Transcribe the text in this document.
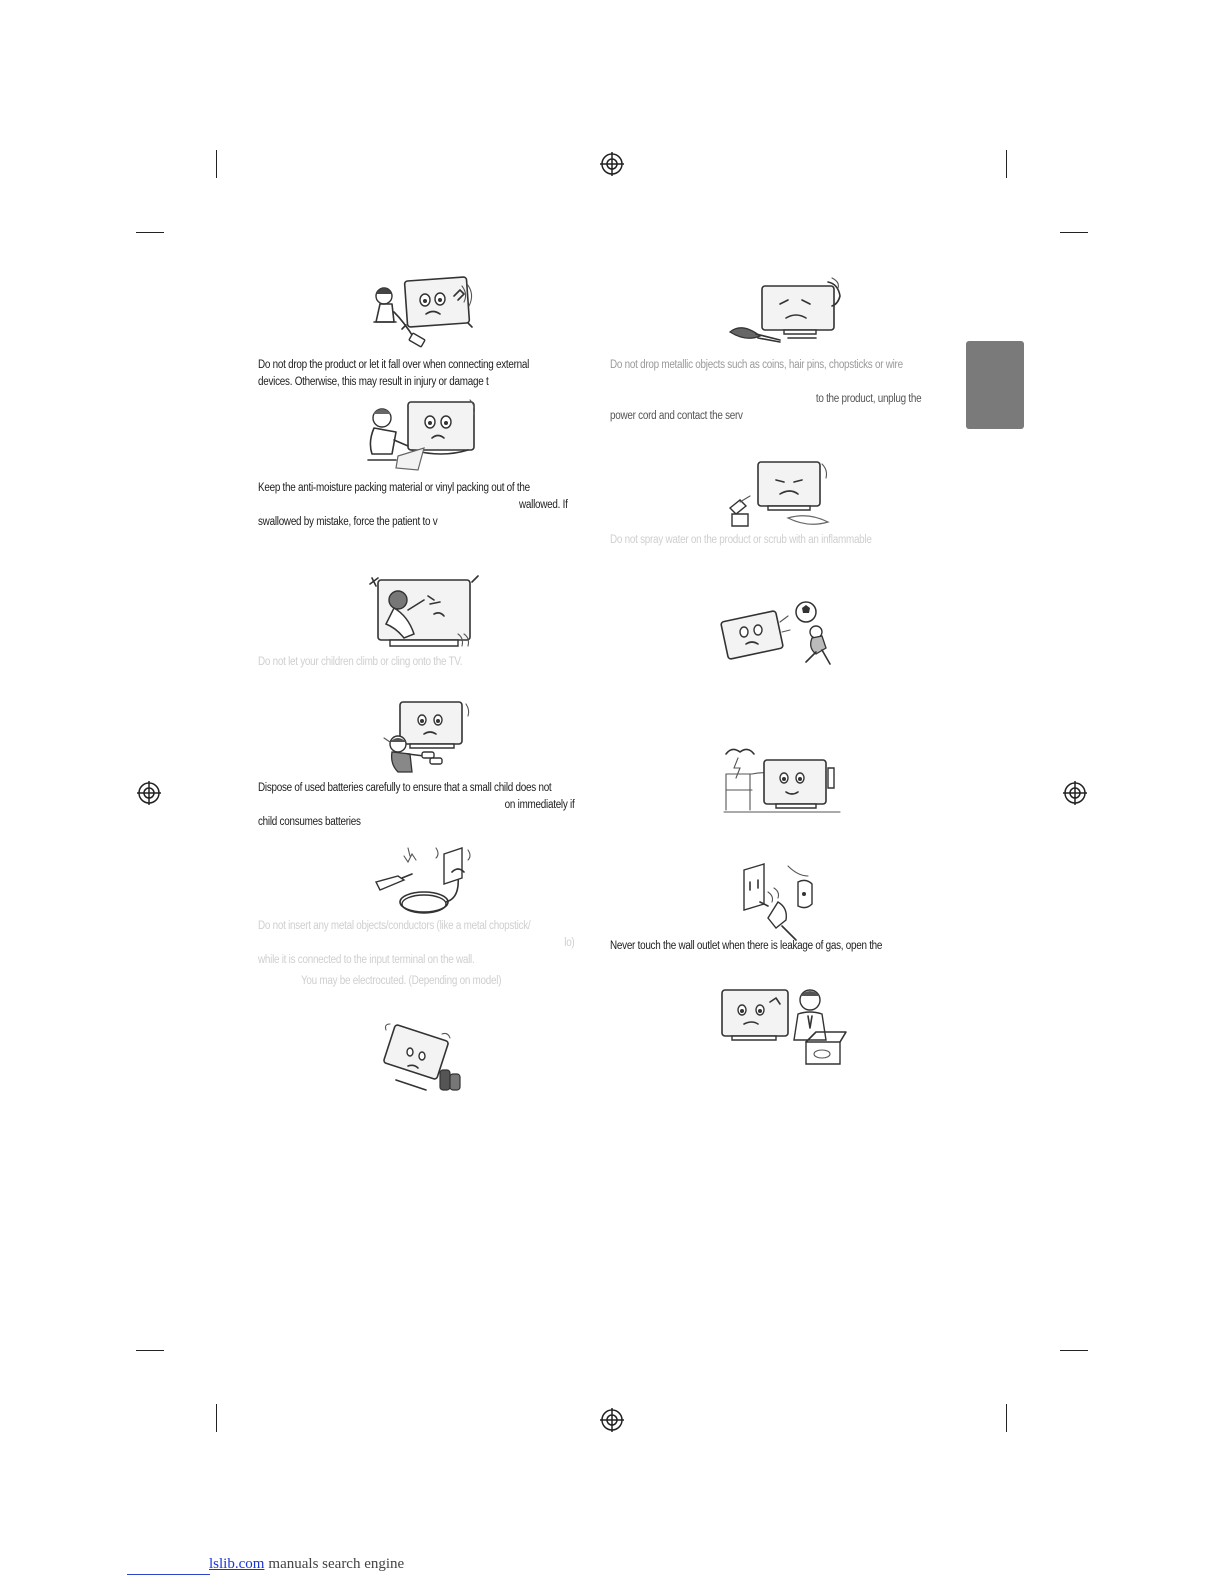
Do not drop the product or let it fall over when connecting external
devices. Otherwise, this may result in injury or damage t
Keep the anti-moisture packing material or vinyl packing out of the
wallowed. If
swallowed by mistake, force the patient to v
Do not let your children climb or cling onto the TV.
Dispose of used batteries carefully to ensure that a small child does not
on immediately if
child consumes batteries
Do not insert any metal objects/conductors (like a metal chopstick/
lo)
while it is connected to the input terminal on the wall.
You may be electrocuted. (Depending on model)
Do not drop metallic objects such as coins, hair pins, chopsticks or wire
to the product, unplug the
power cord and contact the serv
Do not spray water on the product or scrub with an inflammable
Never touch the wall outlet when there is leakage of gas, open the
lslib.com manuals search engine
